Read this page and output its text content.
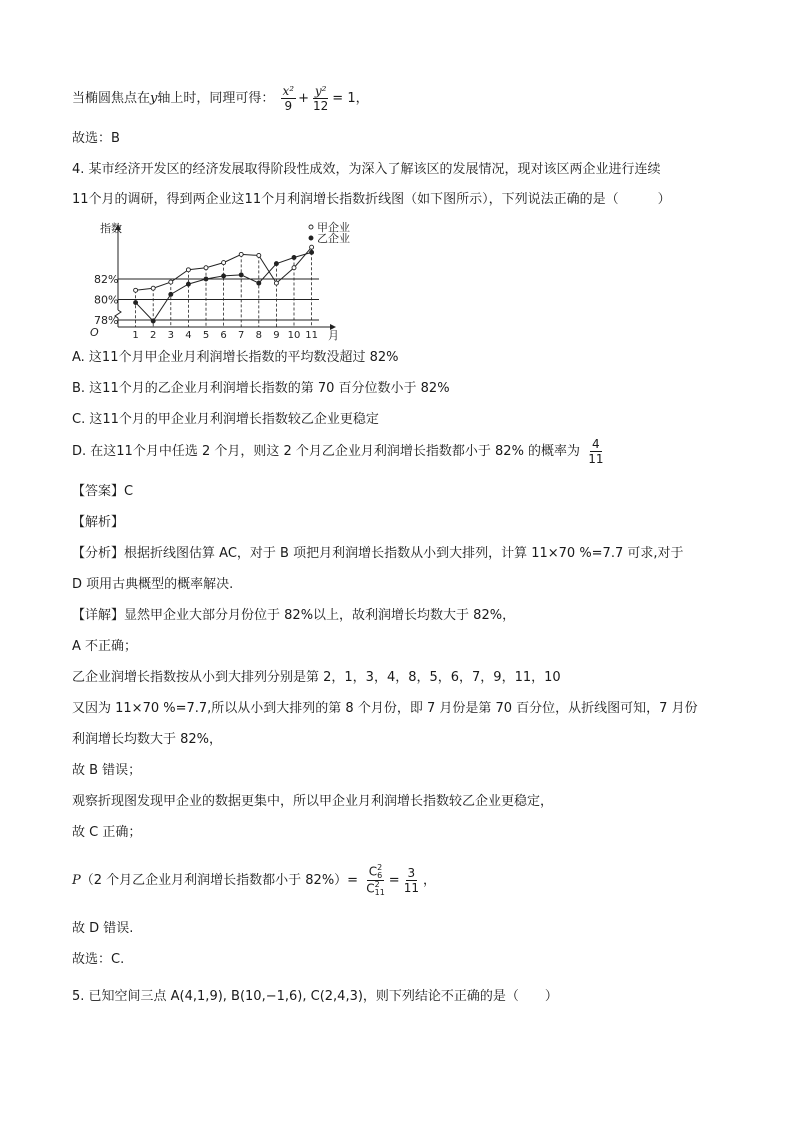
当椭圆焦点在y轴上时，同理可得： $\frac{\text{x²}}{9} + \frac{\text{y²}}{12} = 1$，
故选：B
4. 某市经济开发区的经济发展取得阶段性成效，为深入了解该区的发展情况，现对该区两企业进行连续
11个月的调研，得到两企业这11个月利润增长指数折线图（如下图所示），下列说法正确的是（　　　）
78%
80%
82%
指数
月
O	1 2 3 4 5 6 7 8 9 10 11
甲企业
乙企业
A. 这11个月甲企业月利润增长指数的平均数没超过 82%
B. 这11个月的乙企业月利润增长指数的第 70 百分位数小于 82%
C. 这11个月的甲企业月利润增长指数较乙企业更稳定
D. 在这11个月中任选 2 个月，则这 2 个月乙企业月利润增长指数都小于 82% 的概率为 $\frac{4}{11}$
【答案】C
【解析】
【分析】根据折线图估算 AC，对于 B 项把月利润增长指数从小到大排列，计算 11×70 %=7.7 可求,对于
D 项用古典概型的概率解决.
【详解】显然甲企业大部分月份位于 82%以上，故利润增长均数大于 82%，
A 不正确；
乙企业润增长指数按从小到大排列分别是第 2，1，3，4，8，5，6，7，9，11，10
又因为 11×70 %=7.7,所以从小到大排列的第 8 个月份，即 7 月份是第 70 百分位，从折线图可知，7 月份
利润增长均数大于 82%，
故 B 错误；
观察折现图发现甲企业的数据更集中，所以甲企业月利润增长指数较乙企业更稳定，
故 C 正确；
P（2 个月乙企业月利润增长指数都小于 82%）= C 2
6
C 2
$11 = \frac{3}{11}$ ，
故 D 错误.
故选：C.
5. 已知空间三点 A(4,1,9), B(10,−1,6), C(2,4,3)，则下列结论不正确的是（　　）
